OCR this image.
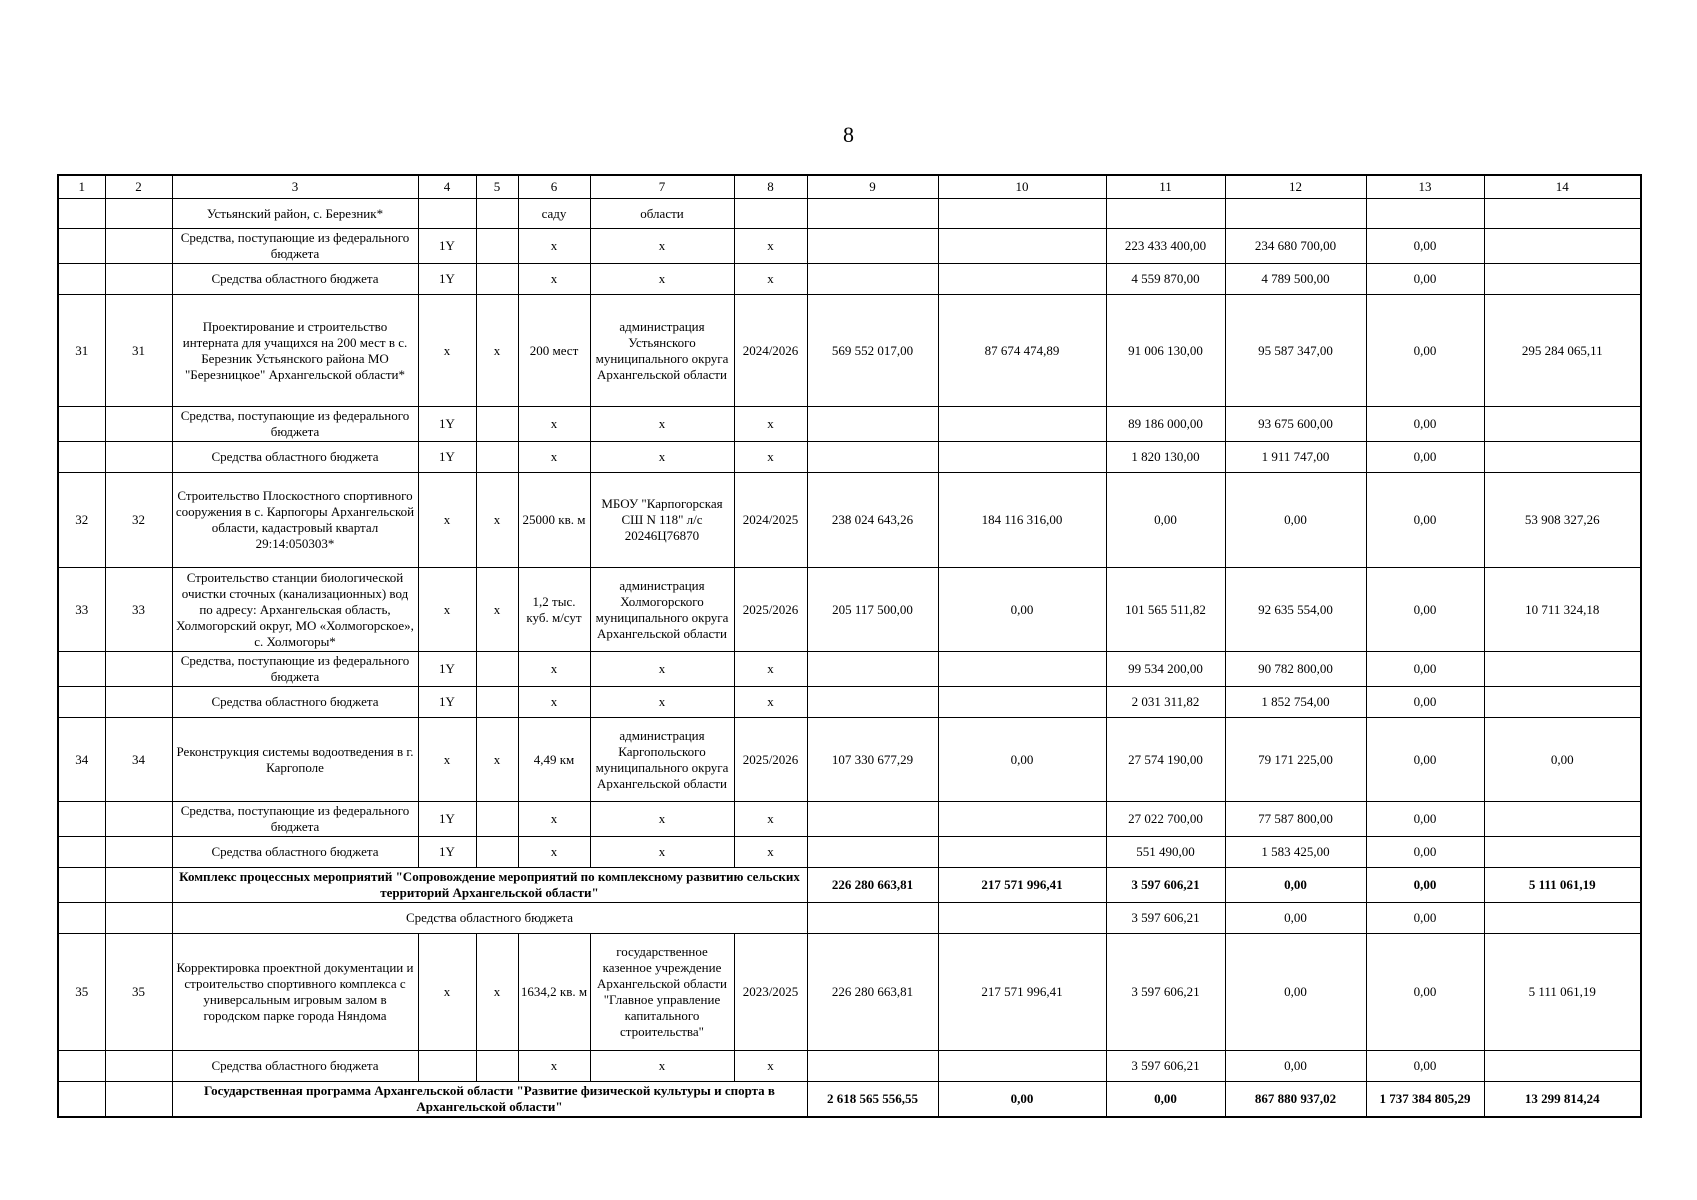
8
1	2	3	4	5	6	7	8	9	10	11	12	13	14
		Устьянский район, с. Березник*			саду	области							
		Средства, поступающие из федерального бюджета	1Y		x	x	x			223 433 400,00	234 680 700,00	0,00	
		Средства областного бюджета	1Y		x	x	x			4 559 870,00	4 789 500,00	0,00	
31	31	Проектирование и строительство интерната для учащихся на 200 мест в с. Березник Устьянского района МО "Березницкое" Архангельской области*	x	x	200 мест	администрация Устьянского муниципального округа Архангельской области	2024/2026	569 552 017,00	87 674 474,89	91 006 130,00	95 587 347,00	0,00	295 284 065,11
		Средства, поступающие из федерального бюджета	1Y		x	x	x			89 186 000,00	93 675 600,00	0,00	
		Средства областного бюджета	1Y		x	x	x			1 820 130,00	1 911 747,00	0,00	
32	32	Строительство Плоскостного спортивного сооружения в с. Карпогоры Архангельской области, кадастровый квартал 29:14:050303*	x	x	25000 кв. м	МБОУ "Карпогорская СШ N 118" л/с 20246Ц76870	2024/2025	238 024 643,26	184 116 316,00	0,00	0,00	0,00	53 908 327,26
33	33	Строительство станции биологической очистки сточных (канализационных) вод по адресу: Архангельская область, Холмогорский округ, МО «Холмогорское», с. Холмогоры*	x	x	1,2 тыс. куб. м/сут	администрация Холмогорского муниципального округа Архангельской области	2025/2026	205 117 500,00	0,00	101 565 511,82	92 635 554,00	0,00	10 711 324,18
		Средства, поступающие из федерального бюджета	1Y		x	x	x			99 534 200,00	90 782 800,00	0,00	
		Средства областного бюджета	1Y		x	x	x			2 031 311,82	1 852 754,00	0,00	
34	34	Реконструкция системы водоотведения в г. Каргополе	x	x	4,49 км	администрация Каргопольского муниципального округа Архангельской области	2025/2026	107 330 677,29	0,00	27 574 190,00	79 171 225,00	0,00	0,00
		Средства, поступающие из федерального бюджета	1Y		x	x	x			27 022 700,00	77 587 800,00	0,00	
		Средства областного бюджета	1Y		x	x	x			551 490,00	1 583 425,00	0,00	
		Комплекс процессных мероприятий "Сопровождение мероприятий по комплексному развитию сельских территорий Архангельской области"						226 280 663,81	217 571 996,41	3 597 606,21	0,00	0,00	5 111 061,19
		Средства областного бюджета								3 597 606,21	0,00	0,00	
35	35	Корректировка проектной документации и строительство спортивного комплекса с универсальным игровым залом в городском парке города Няндома	x	x	1634,2 кв. м	государственное казенное учреждение Архангельской области "Главное управление капитального строительства"	2023/2025	226 280 663,81	217 571 996,41	3 597 606,21	0,00	0,00	5 111 061,19
		Средства областного бюджета			x	x	x			3 597 606,21	0,00	0,00	
		Государственная программа Архангельской области "Развитие физической культуры и спорта в Архангельской области"						2 618 565 556,55	0,00	0,00	867 880 937,02	1 737 384 805,29	13 299 814,24
